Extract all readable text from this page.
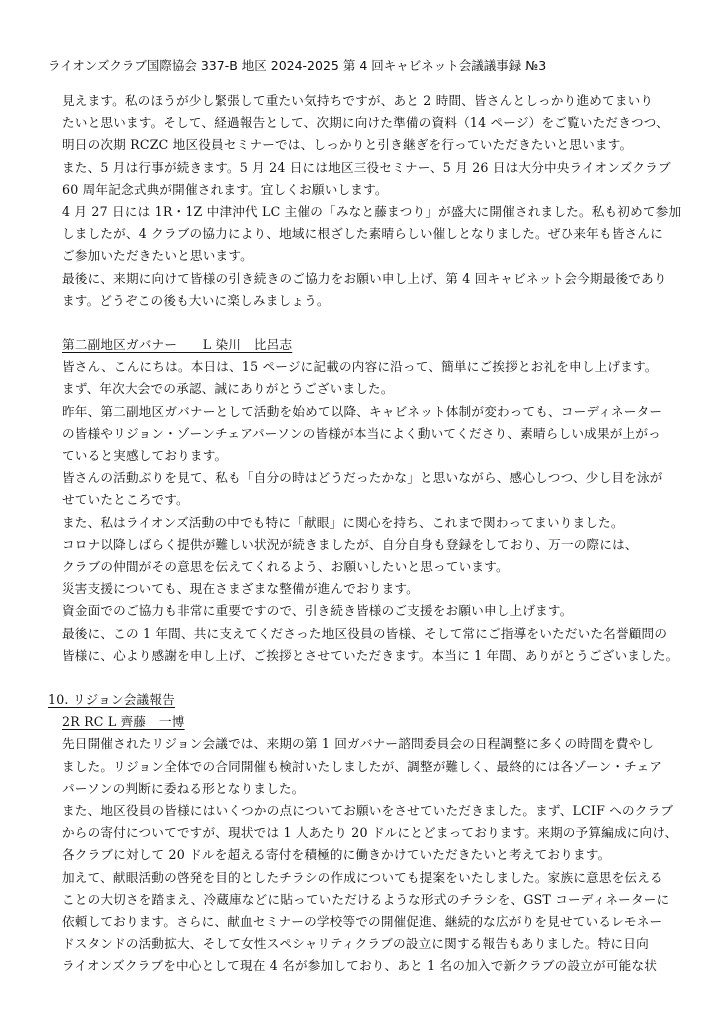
ライオンズクラブ国際協会 337-B 地区 2024-2025 第 4 回キャビネット会議議事録 №3
見えます。私のほうが少し緊張して重たい気持ちですが、あと 2 時間、皆さんとしっかり進めてまいり
たいと思います。そして、経過報告として、次期に向けた準備の資料（14 ページ）をご覧いただきつつ、
明日の次期 RCZC 地区役員セミナーでは、しっかりと引き継ぎを行っていただきたいと思います。
また、5 月は行事が続きます。5 月 24 日には地区三役セミナー、5 月 26 日は大分中央ライオンズクラブ
60 周年記念式典が開催されます。宜しくお願いします。
4 月 27 日には 1R・1Z 中津沖代 LC 主催の「みなと藤まつり」が盛大に開催されました。私も初めて参加
しましたが、4 クラブの協力により、地域に根ざした素晴らしい催しとなりました。ぜひ来年も皆さんに
ご参加いただきたいと思います。
最後に、来期に向けて皆様の引き続きのご協力をお願い申し上げ、第 4 回キャビネット会今期最後であり
ます。どうぞこの後も大いに楽しみましょう。
第二副地区ガバナー　　L 染川　比呂志
皆さん、こんにちは。本日は、15 ページに記載の内容に沿って、簡単にご挨拶とお礼を申し上げます。
まず、年次大会での承認、誠にありがとうございました。
昨年、第二副地区ガバナーとして活動を始めて以降、キャビネット体制が変わっても、コーディネーター
の皆様やリジョン・ゾーンチェアパーソンの皆様が本当によく動いてくださり、素晴らしい成果が上がっ
ていると実感しております。
皆さんの活動ぶりを見て、私も「自分の時はどうだったかな」と思いながら、感心しつつ、少し目を泳が
せていたところです。
また、私はライオンズ活動の中でも特に「献眼」に関心を持ち、これまで関わってまいりました。
コロナ以降しばらく提供が難しい状況が続きましたが、自分自身も登録をしており、万一の際には、
クラブの仲間がその意思を伝えてくれるよう、お願いしたいと思っています。
災害支援についても、現在さまざまな整備が進んでおります。
資金面でのご協力も非常に重要ですので、引き続き皆様のご支援をお願い申し上げます。
最後に、この 1 年間、共に支えてくださった地区役員の皆様、そして常にご指導をいただいた名誉顧問の
皆様に、心より感謝を申し上げ、ご挨拶とさせていただきます。本当に 1 年間、ありがとうございました。
10. リジョン会議報告
2R RC L 齊藤　一博
先日開催されたリジョン会議では、来期の第 1 回ガバナー諮問委員会の日程調整に多くの時間を費やし
ました。リジョン全体での合同開催も検討いたしましたが、調整が難しく、最終的には各ゾーン・チェア
パーソンの判断に委ねる形となりました。
また、地区役員の皆様にはいくつかの点についてお願いをさせていただきました。まず、LCIF へのクラブ
からの寄付についてですが、現状では 1 人あたり 20 ドルにとどまっております。来期の予算編成に向け、
各クラブに対して 20 ドルを超える寄付を積極的に働きかけていただきたいと考えております。
加えて、献眼活動の啓発を目的としたチラシの作成についても提案をいたしました。家族に意思を伝える
ことの大切さを踏まえ、冷蔵庫などに貼っていただけるような形式のチラシを、GST コーディネーターに
依頼しております。さらに、献血セミナーの学校等での開催促進、継続的な広がりを見せているレモネー
ドスタンドの活動拡大、そして女性スペシャリティクラブの設立に関する報告もありました。特に日向
ライオンズクラブを中心として現在 4 名が参加しており、あと 1 名の加入で新クラブの設立が可能な状
